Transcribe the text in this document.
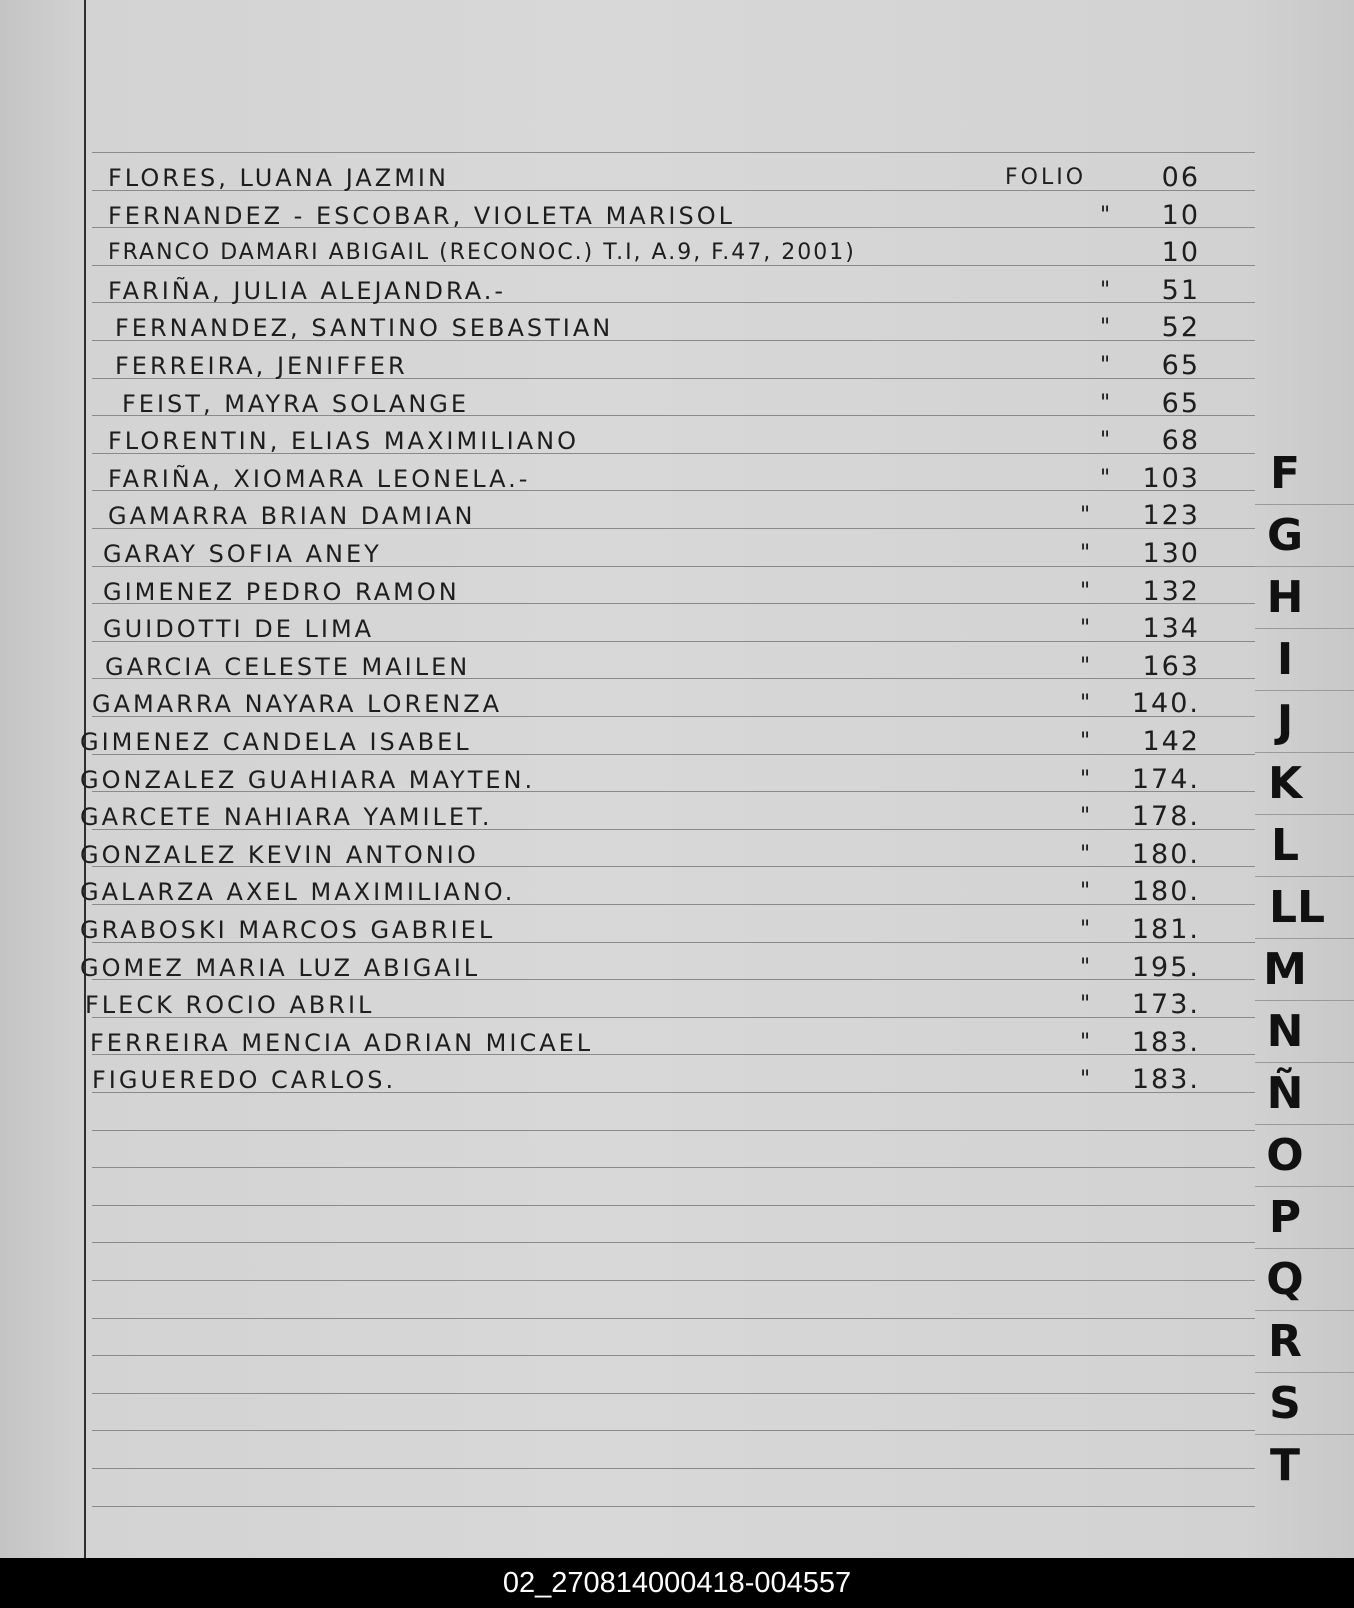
F
G
H
I
J
K
L
LL
M
N
Ñ
O
P
Q
R
S
T
FLORES, LUANA JAZMIN	FOLIO	06
FERNANDEZ - ESCOBAR, VIOLETA MARISOL	"	10
FRANCO DAMARI ABIGAIL (RECONOC.) T.I, A.9, F.47, 2001)	10
FARIÑA, JULIA ALEJANDRA.-	"	51
FERNANDEZ, SANTINO SEBASTIAN	"	52
FERREIRA, JENIFFER	"	65
FEIST, MAYRA SOLANGE	"	65
FLORENTIN, ELIAS MAXIMILIANO	"	68
FARIÑA, XIOMARA LEONELA.-	"	103
GAMARRA BRIAN DAMIAN	"	123
GARAY SOFIA ANEY	"	130
GIMENEZ PEDRO RAMON	"	132
GUIDOTTI DE LIMA	"	134
GARCIA CELESTE MAILEN	"	163
GAMARRA NAYARA LORENZA	" 140.
GIMENEZ CANDELA ISABEL	"	142
GONZALEZ GUAHIARA MAYTEN.	" 174.
GARCETE NAHIARA YAMILET.	" 178.
GONZALEZ KEVIN ANTONIO	" 180.
GALARZA AXEL MAXIMILIANO.	" 180.
GRABOSKI MARCOS GABRIEL	" 181.
GOMEZ MARIA LUZ ABIGAIL	" 195.
FLECK ROCIO ABRIL	" 173.
FERREIRA MENCIA ADRIAN MICAEL	" 183.
FIGUEREDO CARLOS.	" 183.
02_270814000418-004557
